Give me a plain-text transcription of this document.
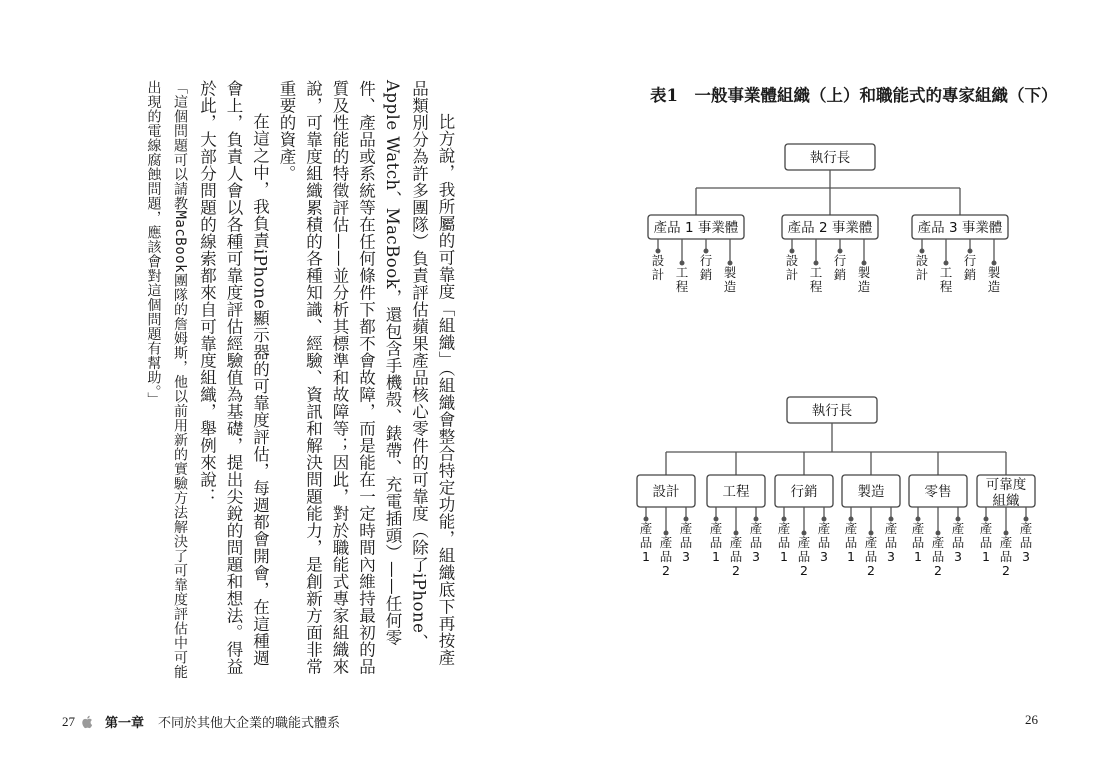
比方說，我所屬的可靠度「組織」（組織會整合特定功能，組織底下再按產品類別分為許多團隊）負責評估蘋果產品核心零件的可靠度（除了iPhone、Apple Watch、MacBook，還包含手機殼、錶帶、充電插頭）——任何零件、產品或系統等在任何條件下都不會故障，而是能在一定時間內維持最初的品質及性能的特徵評估——並分析其標準和故障等；因此，對於職能式專家組織來說，可靠度組織累積的各種知識、經驗、資訊和解決問題能力，是創新方面非常重要的資產。

在這之中，我負責iPhone顯示器的可靠度評估，每週都會開會，在這種週會上，負責人會以各種可靠度評估經驗值為基礎，提出尖銳的問題和想法。得益於此，大部分問題的線索都來自可靠度組織，舉例來說：

「這個問題可以請教MacBook團隊的詹姆斯，他以前用新的實驗方法解決了可靠度評估中可能出現的電線腐蝕問題，應該會對這個問題有幫助。」

27 第一章 不同於其他大企業的職能式體系
表1　一般事業體組織（上）和職能式的專家組織（下）
執行長
產品 1 事業體
設計 工程
行銷 製造
產品 2 事業體
設計 工程
行銷 製造
產品 3 事業體
設計 工程
行銷 製造
執行長
設計
產品 1
產品 2
產品 3
工程
產品 1
產品 2
產品 3
行銷
產品 1
產品 2
產品 3
製造
產品 1
產品 2
產品 3
零售
產品 1
產品 2
產品 3
可靠度
組織
產品 1
產品 2
產品 3
26
